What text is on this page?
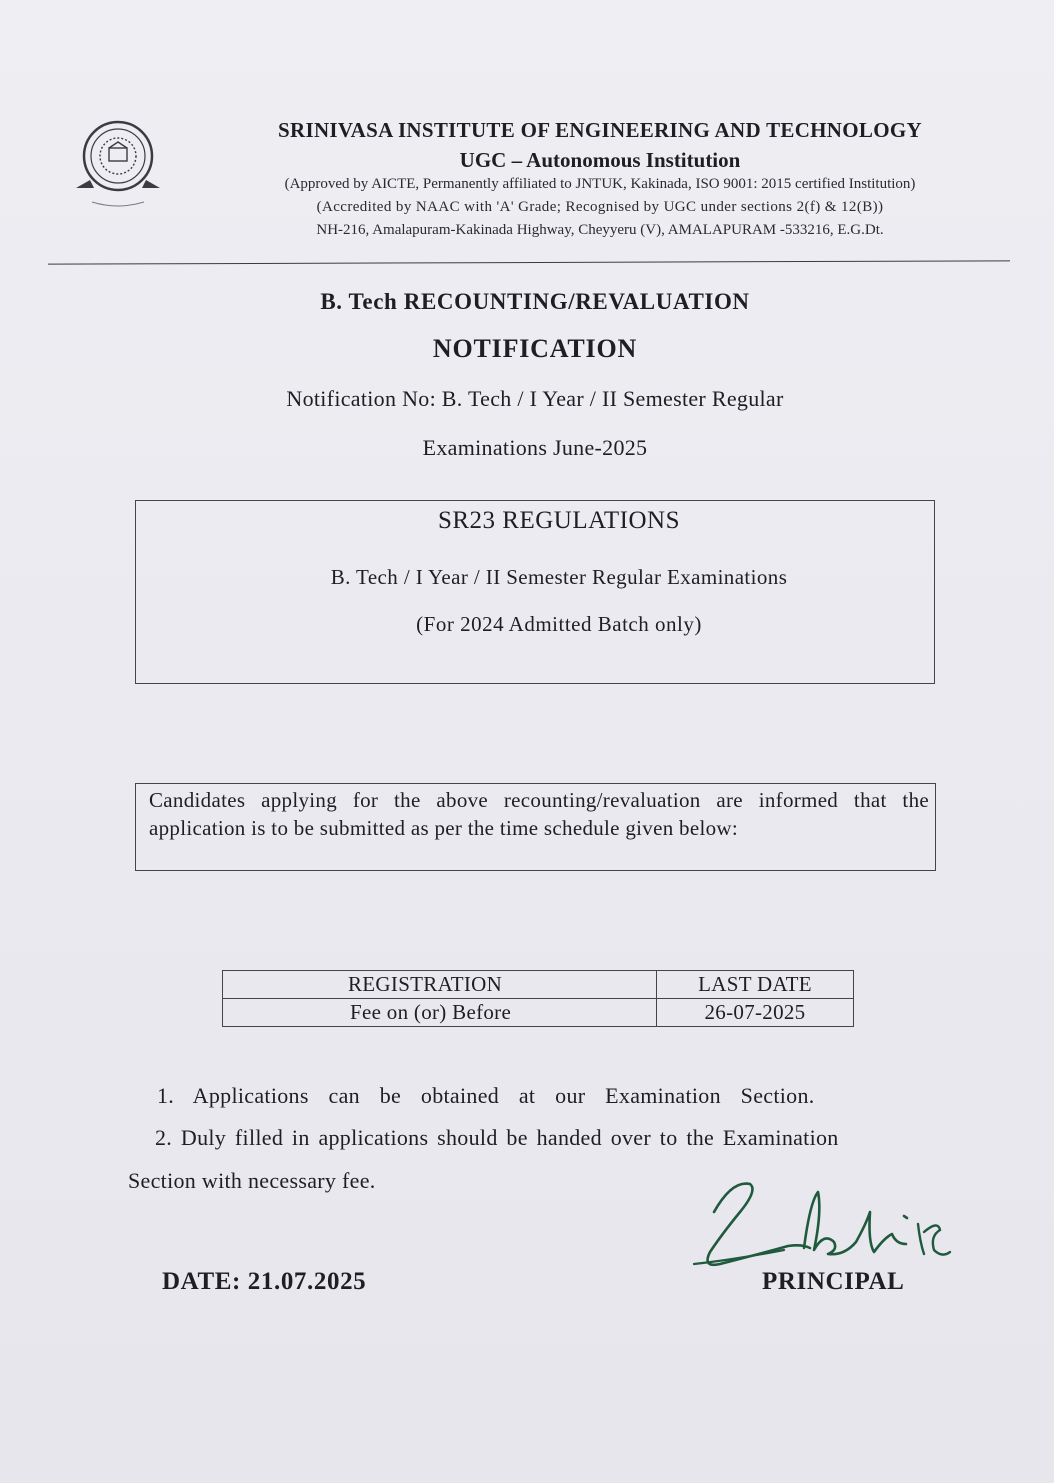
SRINIVASA INSTITUTE OF ENGINEERING AND TECHNOLOGY
UGC – Autonomous Institution
(Approved by AICTE, Permanently affiliated to JNTUK, Kakinada, ISO 9001: 2015 certified Institution)
(Accredited by NAAC with 'A' Grade; Recognised by UGC under sections 2(f) & 12(B))
NH-216, Amalapuram-Kakinada Highway, Cheyyeru (V), AMALAPURAM -533216, E.G.Dt.
B. Tech RECOUNTING/REVALUATION
NOTIFICATION
Notification No: B. Tech / I Year / II Semester Regular
Examinations June-2025
SR23 REGULATIONS
B. Tech / I Year / II Semester Regular Examinations
(For 2024 Admitted Batch only)
Candidates applying for the above recounting/revaluation are informed that the application is to be submitted as per the time schedule given below:
REGISTRATION	LAST DATE
Fee on (or) Before	26-07-2025
1. Applications can be obtained at our Examination Section.
2. Duly filled in applications should be handed over to the Examination
Section with necessary fee.
DATE: 21.07.2025	PRINCIPAL
